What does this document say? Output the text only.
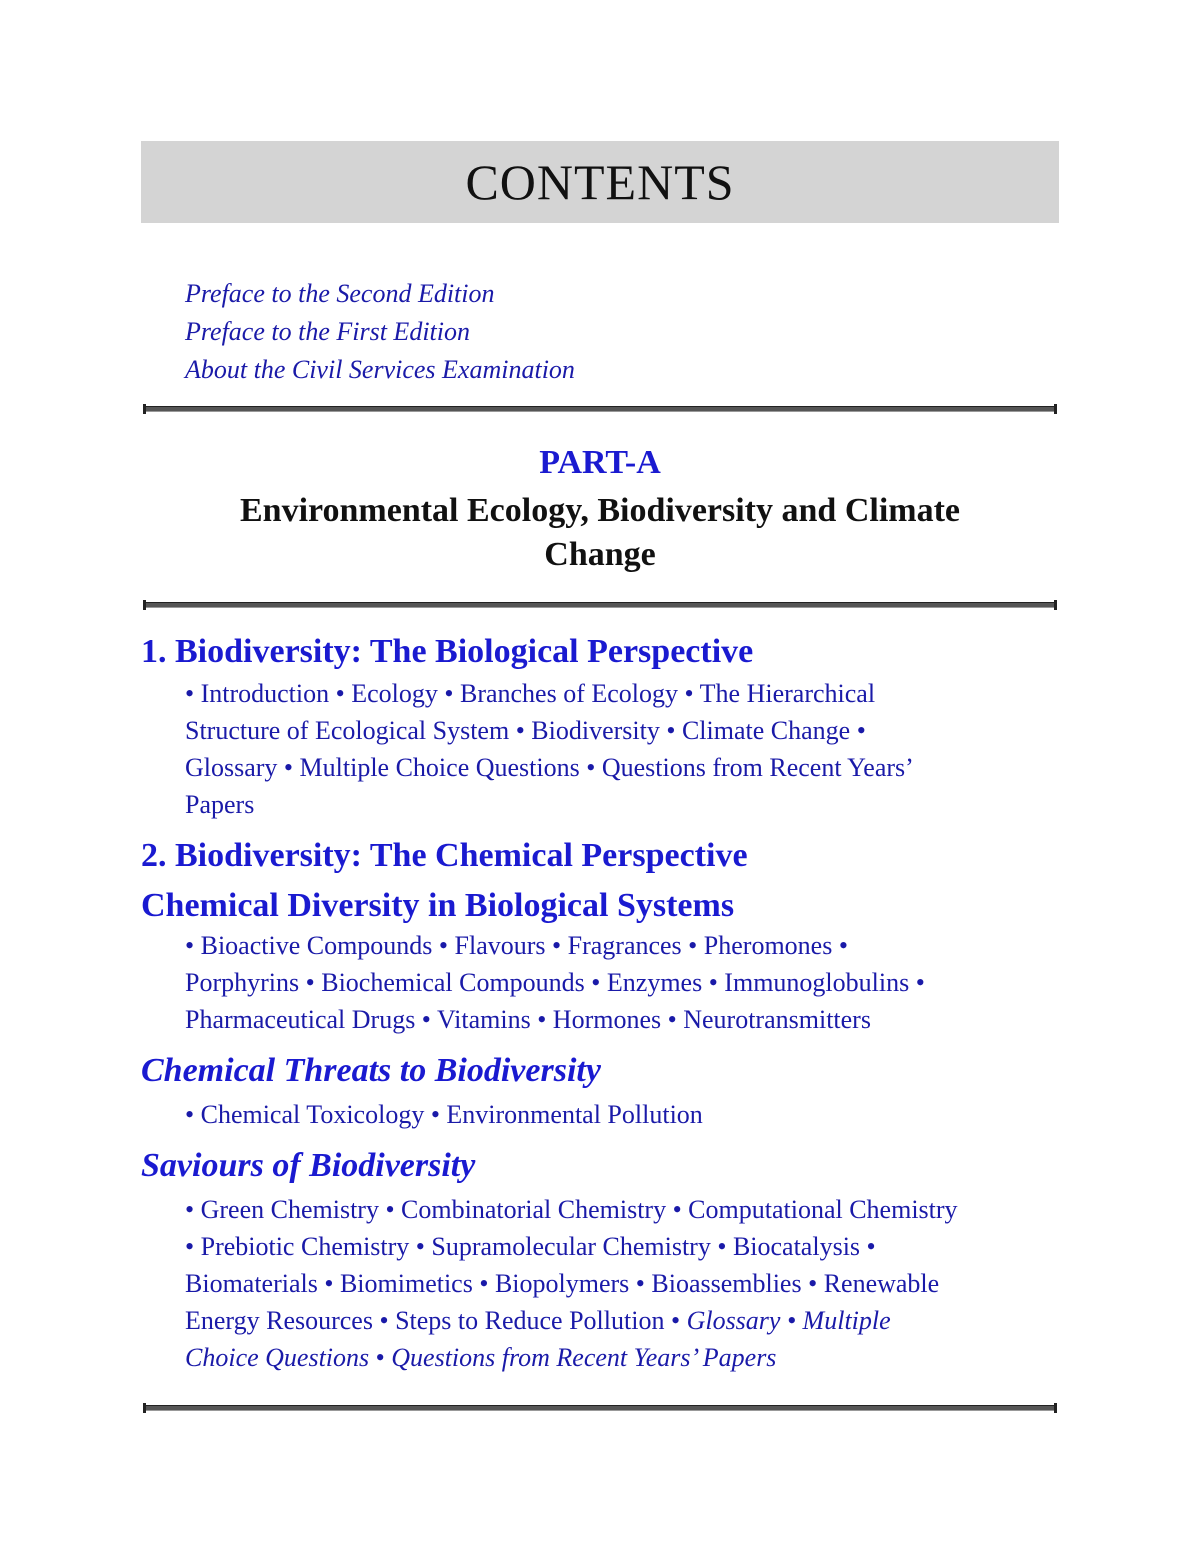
CONTENTS
Preface to the Second Edition
Preface to the First Edition
About the Civil Services Examination
PART-A
Environmental Ecology, Biodiversity and Climate Change
1. Biodiversity: The Biological Perspective
• Introduction • Ecology • Branches of Ecology • The Hierarchical
Structure of Ecological System • Biodiversity • Climate Change •
Glossary • Multiple Choice Questions • Questions from Recent Years’
Papers
2. Biodiversity: The Chemical Perspective
Chemical Diversity in Biological Systems
• Bioactive Compounds • Flavours • Fragrances • Pheromones •
Porphyrins • Biochemical Compounds • Enzymes • Immunoglobulins •
Pharmaceutical Drugs • Vitamins • Hormones • Neurotransmitters
Chemical Threats to Biodiversity
• Chemical Toxicology • Environmental Pollution
Saviours of Biodiversity
• Green Chemistry • Combinatorial Chemistry • Computational Chemistry
• Prebiotic Chemistry • Supramolecular Chemistry • Biocatalysis •
Biomaterials • Biomimetics • Biopolymers • Bioassemblies • Renewable
Energy Resources • Steps to Reduce Pollution • Glossary • Multiple
Choice Questions • Questions from Recent Years’ Papers
